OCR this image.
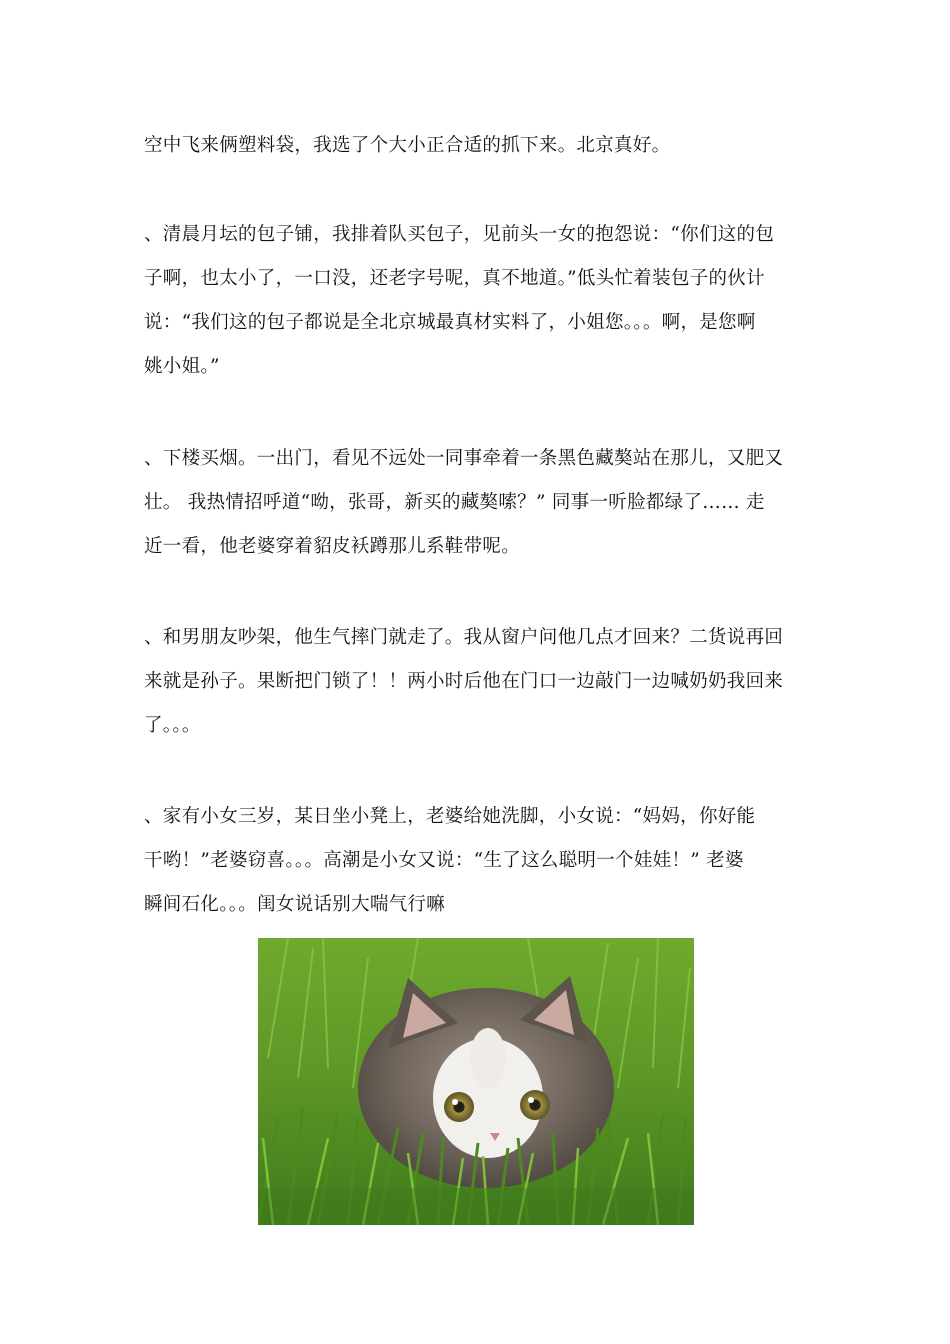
空中飞来俩塑料袋，我选了个大小正合适的抓下来。北京真好。

、清晨月坛的包子铺，我排着队买包子，见前头一女的抱怨说：“你们这的包
子啊，也太小了，一口没，还老字号呢，真不地道。”低头忙着装包子的伙计
说：“我们这的包子都说是全北京城最真材实料了，小姐您。。。啊，是您啊
姚小姐。”

、下楼买烟。一出门，看见不远处一同事牵着一条黑色藏獒站在那儿，又肥又
壮。 我热情招呼道“呦，张哥，新买的藏獒嗦？” 同事一听脸都绿了…… 走
近一看，他老婆穿着貂皮袄蹲那儿系鞋带呢。

、和男朋友吵架，他生气摔门就走了。我从窗户问他几点才回来？二货说再回
来就是孙子。果断把门锁了！！两小时后他在门口一边敲门一边喊奶奶我回来
了。。。

、家有小女三岁，某日坐小凳上，老婆给她洗脚，小女说：“妈妈，你好能
干哟！”老婆窃喜。。。高潮是小女又说：“生了这么聪明一个娃娃！” 老婆
瞬间石化。。。闺女说话别大喘气行嘛
